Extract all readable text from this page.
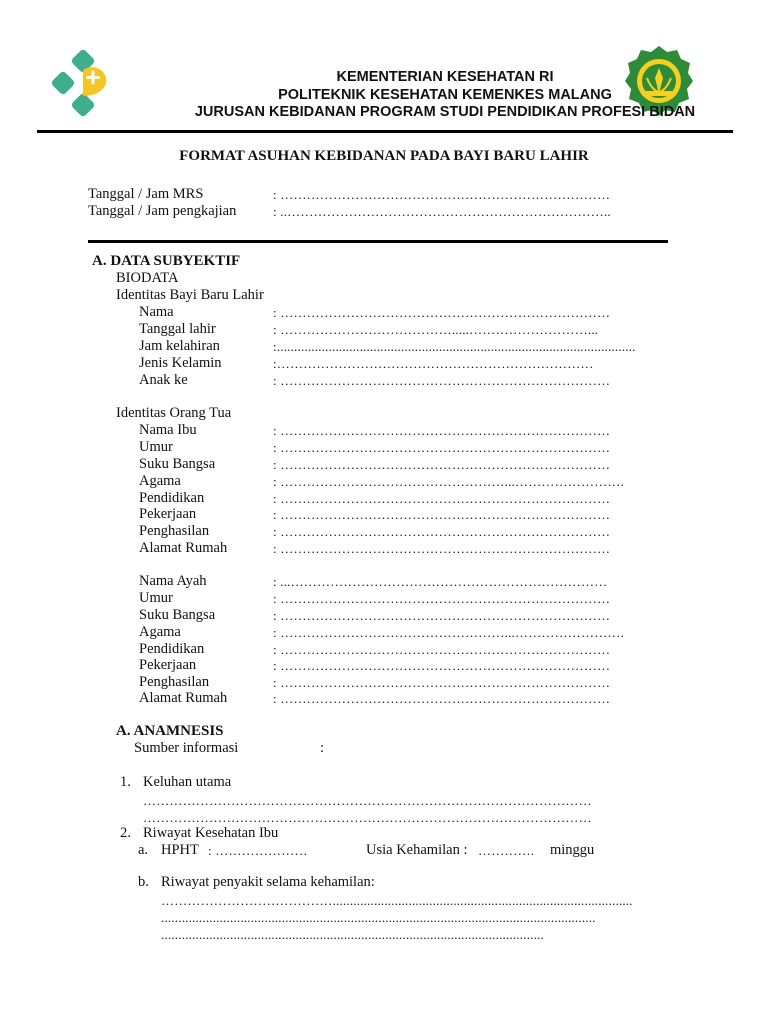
KEMENTERIAN KESEHATAN RI
POLITEKNIK KESEHATAN KEMENKES MALANG
JURUSAN KEBIDANAN PROGRAM STUDI PENDIDIKAN PROFESI BIDAN
FORMAT ASUHAN KEBIDANAN PADA BAYI BARU LAHIR
Tanggal / Jam MRS	: …………………………………………………………………
Tanggal / Jam pengkajian	: ..………………………………………………………………..
A. DATA SUBYEKTIF
BIODATA
Identitas Bayi Baru Lahir
Nama	: …………………………………………………………………
Tanggal lahir	: ………………………………….....………………………...
Jam kelahiran	:........................................................................................................
Jenis Kelamin	:………………………………………………………………
Anak ke	: …………………………………………………………………
Identitas Orang Tua
Nama Ibu	: …………………………………………………………………
Umur	: …………………………………………………………………
Suku Bangsa	: …………………………………………………………………
Agama	: ……………………………………………...…………………….
Pendidikan	: …………………………………………………………………
Pekerjaan	: …………………………………………………………………
Penghasilan	: …………………………………………………………………
Alamat Rumah	: …………………………………………………………………
Nama Ayah	: ...………………………………………………………………
Umur	: …………………………………………………………………
Suku Bangsa	: …………………………………………………………………
Agama	: ……………………………………………...…………………….
Pendidikan	: …………………………………………………………………
Pekerjaan	: …………………………………………………………………
Penghasilan	: …………………………………………………………………
Alamat Rumah	: …………………………………………………………………
A. ANAMNESIS
Sumber informasi	:
1. Keluhan utama
…………………………………………………………………………………………
…………………………………………………………………………………………
2. Riwayat Kesehatan Ibu
a. HPHT : …………………	Usia Kehamilan : …………. minggu
b. Riwayat penyakit selama kehamilan:
………………………………….......................................................................................
..............................................................................................................................
...............................................................................................................
